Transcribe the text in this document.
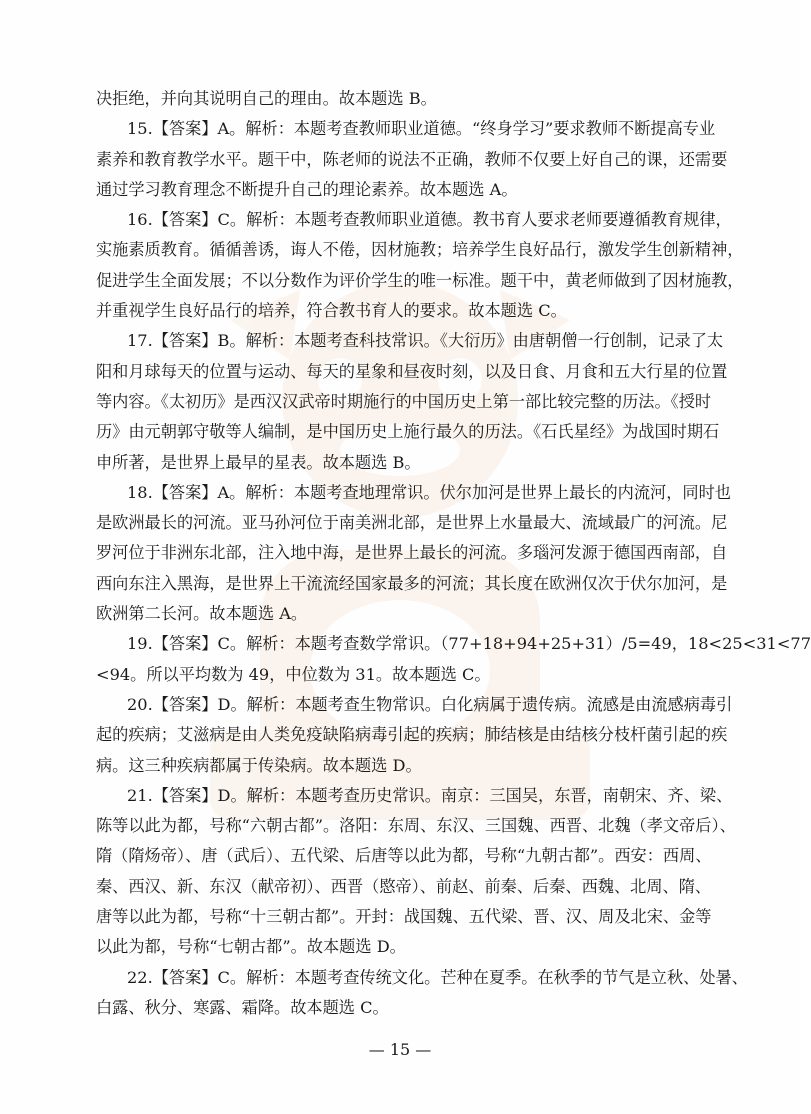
决拒绝，并向其说明自己的理由。故本题选 B。
15.【答案】A。解析：本题考查教师职业道德。“终身学习”要求教师不断提高专业
素养和教育教学水平。题干中，陈老师的说法不正确，教师不仅要上好自己的课，还需要
通过学习教育理念不断提升自己的理论素养。故本题选 A。
16.【答案】C。解析：本题考查教师职业道德。教书育人要求老师要遵循教育规律，
实施素质教育。循循善诱，诲人不倦，因材施教；培养学生良好品行，激发学生创新精神，
促进学生全面发展；不以分数作为评价学生的唯一标准。题干中，黄老师做到了因材施教，
并重视学生良好品行的培养，符合教书育人的要求。故本题选 C。
17.【答案】B。解析：本题考查科技常识。《大衍历》由唐朝僧一行创制，记录了太
阳和月球每天的位置与运动、每天的星象和昼夜时刻，以及日食、月食和五大行星的位置
等内容。《太初历》是西汉汉武帝时期施行的中国历史上第一部比较完整的历法。《授时
历》由元朝郭守敬等人编制，是中国历史上施行最久的历法。《石氏星经》为战国时期石
申所著，是世界上最早的星表。故本题选 B。
18.【答案】A。解析：本题考查地理常识。伏尔加河是世界上最长的内流河，同时也
是欧洲最长的河流。亚马孙河位于南美洲北部，是世界上水量最大、流域最广的河流。尼
罗河位于非洲东北部，注入地中海，是世界上最长的河流。多瑙河发源于德国西南部，自
西向东注入黑海，是世界上干流流经国家最多的河流；其长度在欧洲仅次于伏尔加河，是
欧洲第二长河。故本题选 A。
19.【答案】C。解析：本题考查数学常识。（77+18+94+25+31）/5=49，18<25<31<77
<94。所以平均数为 49，中位数为 31。故本题选 C。
20.【答案】D。解析：本题考查生物常识。白化病属于遗传病。流感是由流感病毒引
起的疾病；艾滋病是由人类免疫缺陷病毒引起的疾病；肺结核是由结核分枝杆菌引起的疾
病。这三种疾病都属于传染病。故本题选 D。
21.【答案】D。解析：本题考查历史常识。南京：三国吴，东晋，南朝宋、齐、梁、
陈等以此为都，号称“六朝古都”。洛阳：东周、东汉、三国魏、西晋、北魏（孝文帝后）、
隋（隋炀帝）、唐（武后）、五代梁、后唐等以此为都，号称“九朝古都”。西安：西周、
秦、西汉、新、东汉（献帝初）、西晋（愍帝）、前赵、前秦、后秦、西魏、北周、隋、
唐等以此为都，号称“十三朝古都”。开封：战国魏、五代梁、晋、汉、周及北宋、金等
以此为都，号称“七朝古都”。故本题选 D。
22.【答案】C。解析：本题考查传统文化。芒种在夏季。在秋季的节气是立秋、处暑、
白露、秋分、寒露、霜降。故本题选 C。
— 15 —
